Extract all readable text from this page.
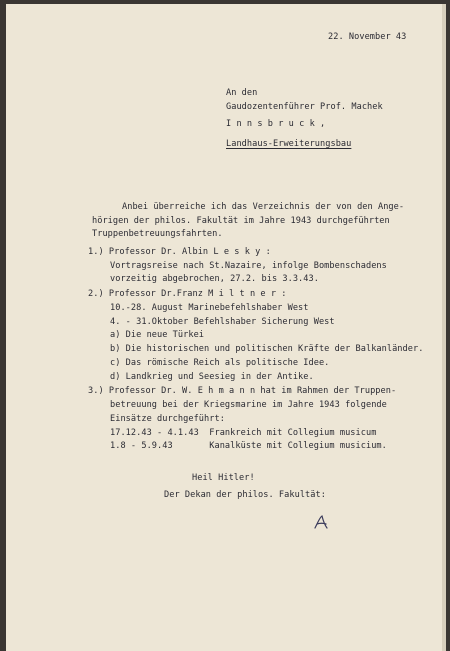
22. November 43
An den
Gaudozentenführer Prof. Machek
I n n s b r u c k ,
Landhaus-Erweiterungsbau
Anbei überreiche ich das Verzeichnis der von den Ange-
hörigen der philos. Fakultät im Jahre 1943 durchgeführten
Truppenbetreuungsfahrten.
1.) Professor Dr. Albin L e s k y :
Vortragsreise nach St.Nazaire, infolge Bombenschadens
vorzeitig abgebrochen, 27.2. bis 3.3.43.
2.) Professor Dr.Franz M i l t n e r :
10.-28. August Marinebefehlshaber West
4. - 31.Oktober Befehlshaber Sicherung West
a) Die neue Türkei
b) Die historischen und politischen Kräfte der Balkanländer.
c) Das römische Reich als politische Idee.
d) Landkrieg und Seesieg in der Antike.
3.) Professor Dr. W. E h m a n n hat im Rahmen der Truppen-
betreuung bei der Kriegsmarine im Jahre 1943 folgende
Einsätze durchgeführt:
17.12.43 - 4.1.43  Frankreich mit Collegium musicum
1.8 - 5.9.43       Kanalküste mit Collegium musicium.
Heil Hitler!
Der Dekan der philos. Fakultät:
